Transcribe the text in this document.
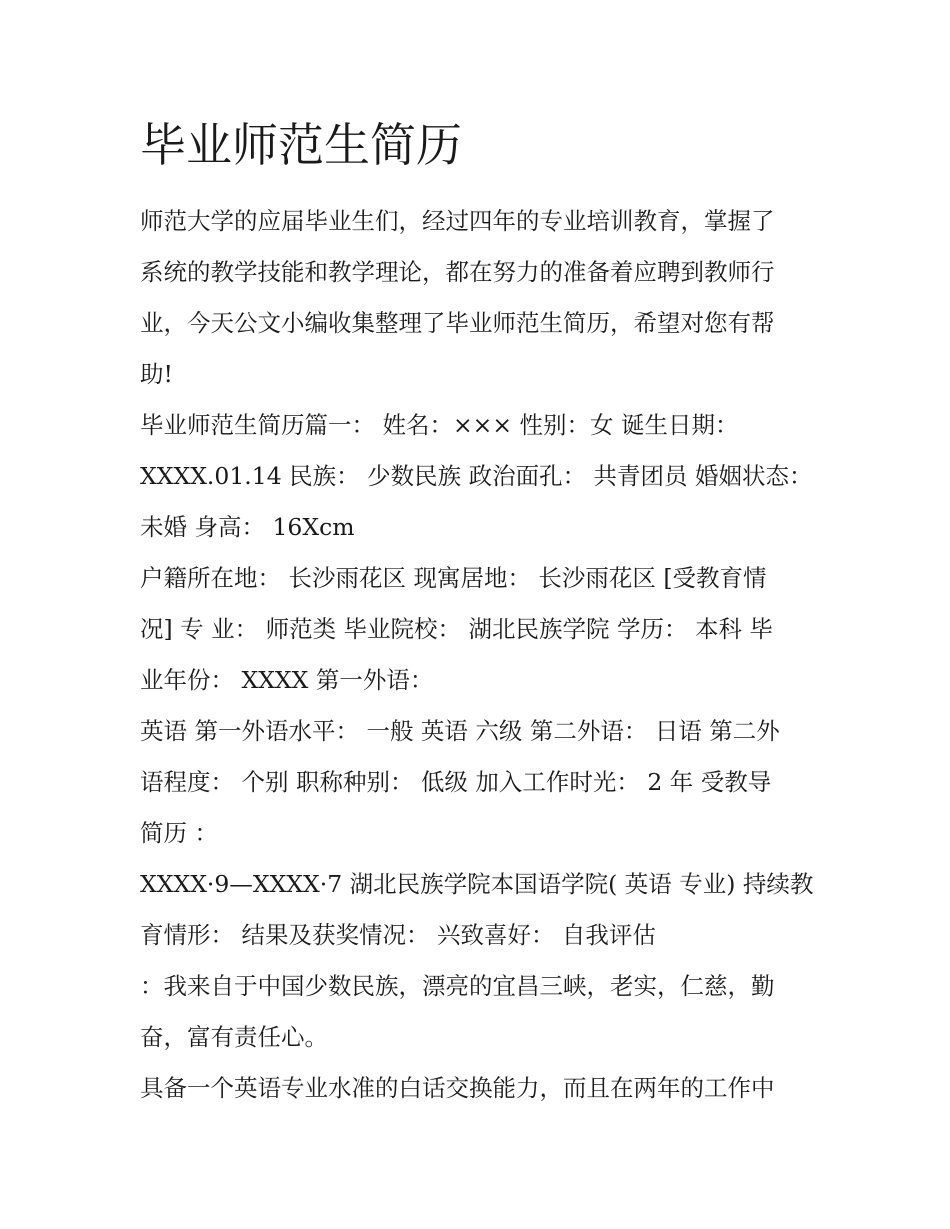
毕业师范生简历
师范大学的应届毕业生们，经过四年的专业培训教育，掌握了
系统的教学技能和教学理论，都在努力的准备着应聘到教师行
业，今天公文小编收集整理了毕业师范生简历，希望对您有帮
助!
毕业师范生简历篇一： 姓名：××× 性别：女 诞生日期：
XXXX.01.14 民族： 少数民族 政治面孔： 共青团员 婚姻状态：
未婚 身高： 16Xcm
户籍所在地： 长沙雨花区 现寓居地： 长沙雨花区 [受教育情
况] 专 业： 师范类 毕业院校： 湖北民族学院 学历： 本科 毕
业年份： XXXX 第一外语：
英语 第一外语水平： 一般 英语 六级 第二外语： 日语 第二外
语程度： 个别 职称种别： 低级 加入工作时光： 2 年 受教导
简历 ：
XXXX·9—XXXX·7 湖北民族学院本国语学院( 英语 专业) 持续教
育情形： 结果及获奖情况： 兴致喜好： 自我评估
：我来自于中国少数民族，漂亮的宜昌三峡，老实，仁慈，勤
奋，富有责任心。
具备一个英语专业水准的白话交换能力，而且在两年的工作中
